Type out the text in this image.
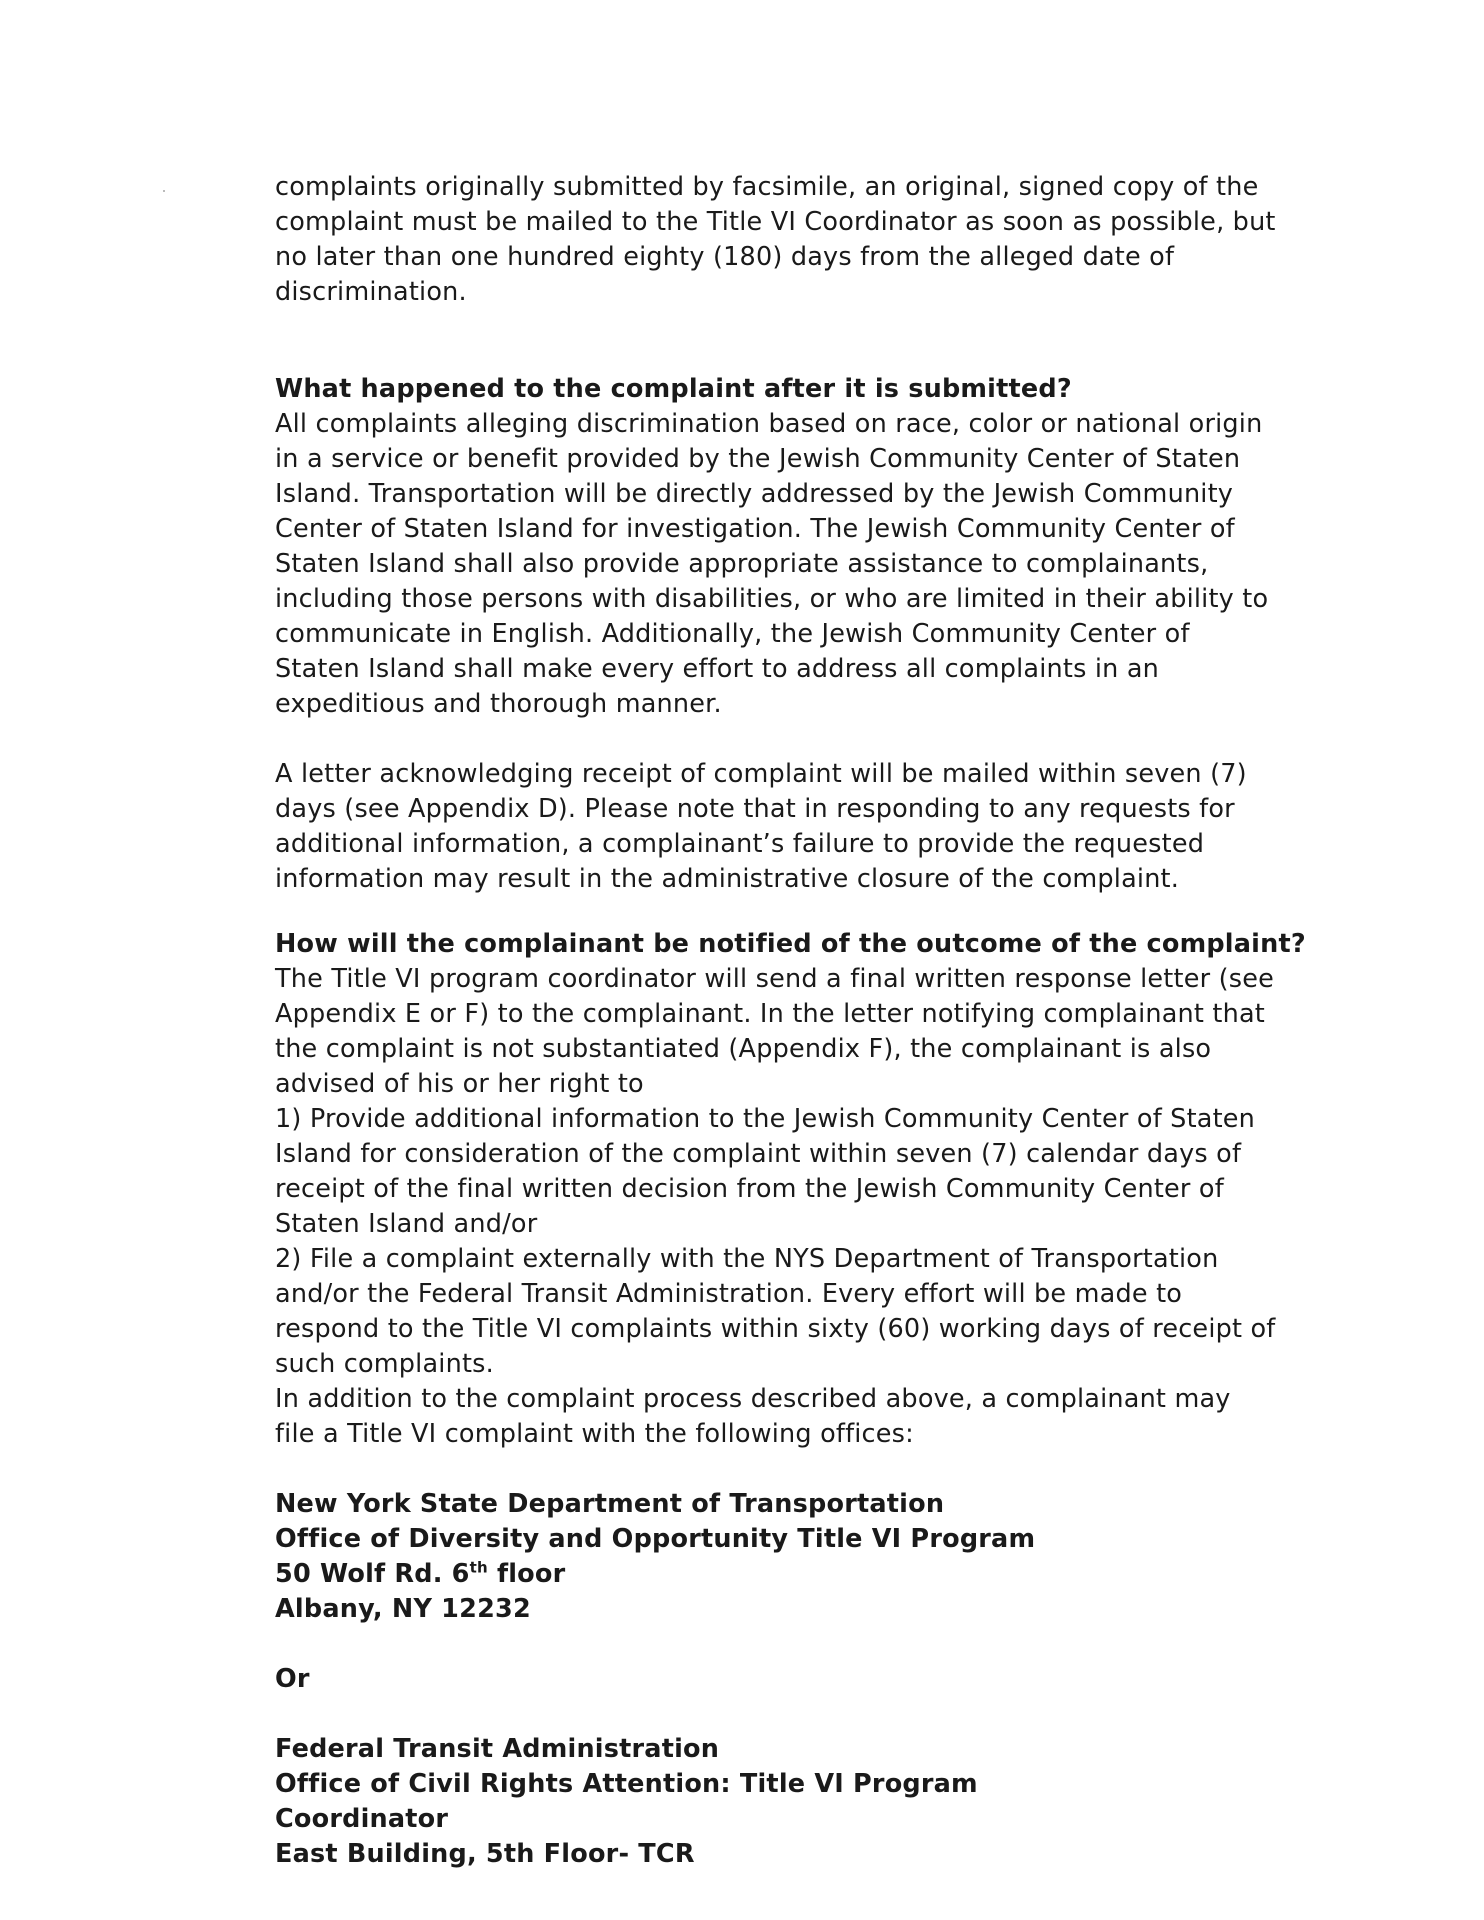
complaints originally submitted by facsimile, an original, signed copy of the
complaint must be mailed to the Title VI Coordinator as soon as possible, but
no later than one hundred eighty (180) days from the alleged date of
discrimination.

What happened to the complaint after it is submitted?

All complaints alleging discrimination based on race, color or national origin
in a service or benefit provided by the Jewish Community Center of Staten
Island. Transportation will be directly addressed by the Jewish Community
Center of Staten Island for investigation. The Jewish Community Center of
Staten Island shall also provide appropriate assistance to complainants,
including those persons with disabilities, or who are limited in their ability to
communicate in English. Additionally, the Jewish Community Center of
Staten Island shall make every effort to address all complaints in an
expeditious and thorough manner.

A letter acknowledging receipt of complaint will be mailed within seven (7)
days (see Appendix D). Please note that in responding to any requests for
additional information, a complainant’s failure to provide the requested
information may result in the administrative closure of the complaint.

How will the complainant be notified of the outcome of the complaint?

The Title VI program coordinator will send a final written response letter (see
Appendix E or F) to the complainant. In the letter notifying complainant that
the complaint is not substantiated (Appendix F), the complainant is also
advised of his or her right to
1) Provide additional information to the Jewish Community Center of Staten
Island for consideration of the complaint within seven (7) calendar days of
receipt of the final written decision from the Jewish Community Center of
Staten Island and/or
2) File a complaint externally with the NYS Department of Transportation
and/or the Federal Transit Administration. Every effort will be made to
respond to the Title VI complaints within sixty (60) working days of receipt of
such complaints.
In addition to the complaint process described above, a complainant may
file a Title VI complaint with the following offices:

New York State Department of Transportation
Office of Diversity and Opportunity Title VI Program
50 Wolf Rd. 6th floor
Albany, NY 12232

Or

Federal Transit Administration
Office of Civil Rights Attention: Title VI Program
Coordinator
East Building, 5th Floor- TCR
